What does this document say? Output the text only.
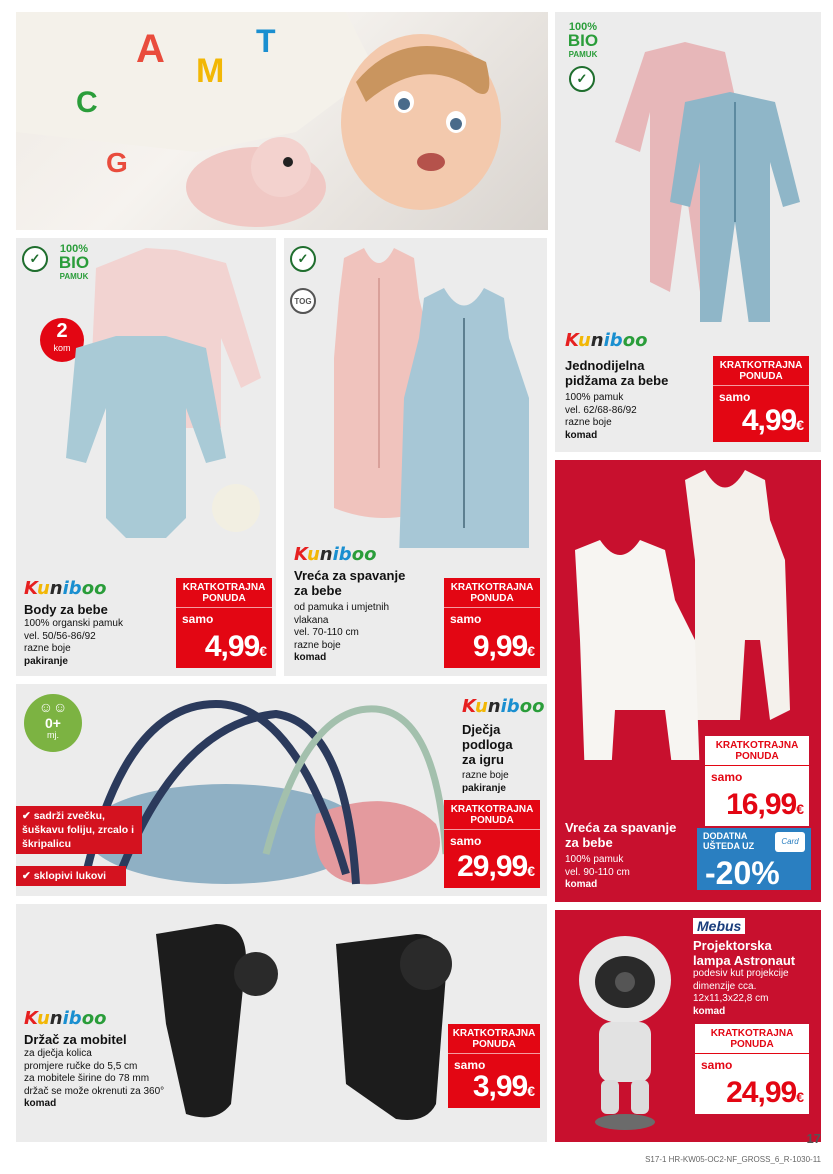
A M
T
C
G
100%
BIO
PAMUK
✓
Kuniboo
Jednodijelna
pidžama za bebe
100% pamuk
vel. 62/68-86/92
razne boje
komad
KRATKOTRAJNA PONUDA
samo
4,99€
✓
100%
BIO
PAMUK
2
kom
Kuniboo
Body za bebe
100% organski pamuk
vel. 50/56-86/92
razne boje
pakiranje
KRATKOTRAJNA PONUDA
samo
4,99€
✓
TOG
Kuniboo
Vreća za spavanje
za bebe
od pamuka i umjetnih
vlakana
vel. 70-110 cm
razne boje
komad
KRATKOTRAJNA PONUDA
samo
9,99€
KRATKOTRAJNA PONUDA
samo
16,99€
DODATNA
UŠTEDA UZ	Card
-20%
Vreća za spavanje
za bebe
100% pamuk
vel. 90-110 cm
komad
☺☺
0+
mj.
✔ sadrži zvečku, šuškavu foliju, zrcalo i škripalicu
✔ sklopivi lukovi
Kuniboo
Dječja
podloga
za igru
razne boje
pakiranje
KRATKOTRAJNA PONUDA
samo
29,99€
Kuniboo
Držač za mobitel
za dječja kolica
promjere ručke do 5,5 cm
za mobitele širine do 78 mm
držač se može okrenuti za 360°
komad
KRATKOTRAJNA PONUDA
samo
3,99€
Mebus
Projektorska
lampa Astronaut
podesiv kut projekcije
dimenzije cca.
12x11,3x22,8 cm
komad
KRATKOTRAJNA PONUDA
samo
24,99€
17
S17-1 HR-KW05-OC2-NF_GROSS_6_R-1030-11
